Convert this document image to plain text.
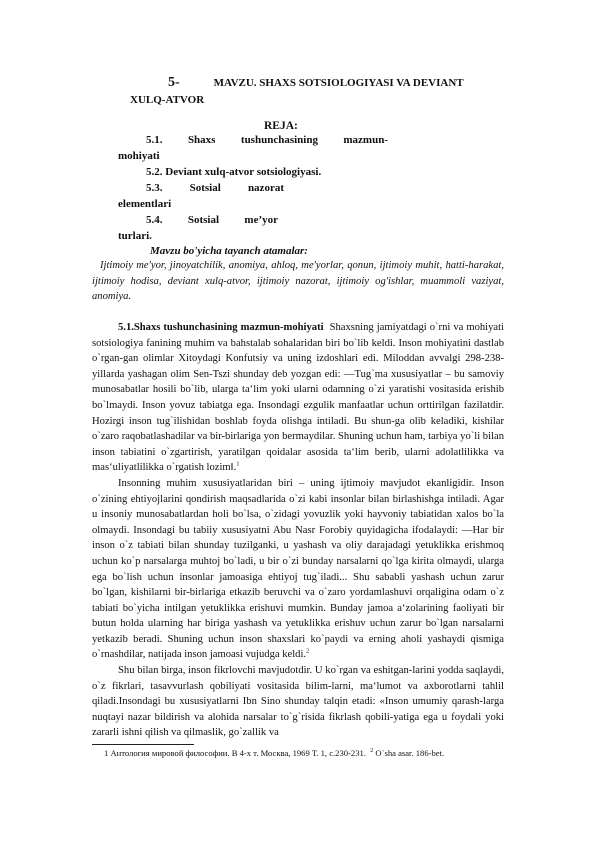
5-	MAVZU. SHAXS SOTSIOLOGIYASI VA DEVIANT
XULQ-ATVOR
REJA:
5.1. Shaxs tushunchasining mazmun-
mohiyati
5.2. Deviant xulq-atvor sotsiologiyasi.
5.3. Sotsial nazorat
elementlari
5.4. Sotsial me’yor
turlari.
Mavzu bo'yicha tayanch atamalar:
Ijtimoiy me'yor, jinoyatchilik, anomiya, ahloq, me'yorlar, qonun, ijtimoiy muhit, hatti-harakat, ijtimoiy hodisa, deviant xulq-atvor, ijtimoiy nazorat, ijtimoiy og'ishlar, muammoli vaziyat, anomiya.

5.1.Shaxs tushunchasining mazmun-mohiyati Shaxsning jamiyatdagi o`rni va mohiyati sotsiologiya fanining muhim va bahstalab sohalaridan biri bo`lib keldi. Inson mohiyatini dastlab o`rgan-gan olimlar Xitoydagi Konfutsiy va uning izdoshlari edi. Miloddan avvalgi 298-238-yillarda yashagan olim Sen-Tszi shunday deb yozgan edi: ―Tug`ma xususiyatlar – bu samoviy munosabatlar hosili bo`lib, ularga ta‘lim yoki ularni odamning o`zi yaratishi vositasida erishib bo`lmaydi. Inson yovuz tabiatga ega. Insondagi ezgulik manfaatlar uchun orttirilgan fazilatdir. Hozirgi inson tug`ilishidan boshlab foyda olishga intiladi. Bu shun-ga olib keladiki, kishilar o`zaro raqobatlashadilar va bir-birlariga yon bermaydilar. Shuning uchun ham, tarbiya yo`li bilan inson tabiatini o`zgartirish, yaratilgan qoidalar asosida ta‘lim berib, ularni adolatlilikka va mas‘uliyatlilikka o`rgatish lozim‖.$^1$

Insonning muhim xususiyatlaridan biri – uning ijtimoiy mavjudot ekanligidir. Inson o`zining ehtiyojlarini qondirish maqsadlarida o`zi kabi insonlar bilan birlashishga intiladi. Agar u insoniy munosabatlardan holi bo`lsa, o`zidagi yovuzlik yoki hayvoniy tabiatidan xalos bo`la olmaydi. Insondagi bu tabiiy xususiyatni Abu Nasr Forobiy quyidagicha ifodalaydi: ―Har bir inson o`z tabiati bilan shunday tuzilganki, u yashash va oliy darajadagi yetuklikka erishmoq uchun ko`p narsalarga muhtoj bo`ladi, u bir o`zi bunday narsalarni qo`lga kirita olmaydi, ularga ega bo`lish uchun insonlar jamoasiga ehtiyoj tug`iladi... Shu sababli yashash uchun zarur bo`lgan, kishilarni bir-birlariga etkazib beruvchi va o`zaro yordamlashuvi orqaligina odam o`z tabiati bo`yicha intilgan yetuklikka erishuvi mumkin. Bunday jamoa a‘zolarining faoliyati bir butun holda ularning har biriga yashash va yetuklikka erishuv uchun zarur bo`lgan narsalarni yetkazib beradi. Shuning uchun inson shaxslari ko`paydi va erning aholi yashaydi qismiga o`rnashdilar, natijada inson jamoasi vujudga keldi.$^2$

Shu bilan birga, inson fikrlovchi mavjudotdir. U ko`rgan va eshitgan-larini yodda saqlaydi, o`z fikrlari, tasavvurlash qobiliyati vositasida bilim-larni, ma‘lumot va axborotlarni tahlil qiladi.Insondagi bu xususiyatlarni Ibn Sino shunday talqin etadi: «Inson umumiy qarash-larga nuqtayi nazar bildirish va alohida narsalar to`g`risida fikrlash qobili-yatiga ega u foydali yoki zararli ishni qilish va qilmaslik, go`zallik va

1 Антология мировой философии. В 4-х т. Москва, 1969 Т. 1, с.230-231. $^2$ O`sha asar. 186-bet.
